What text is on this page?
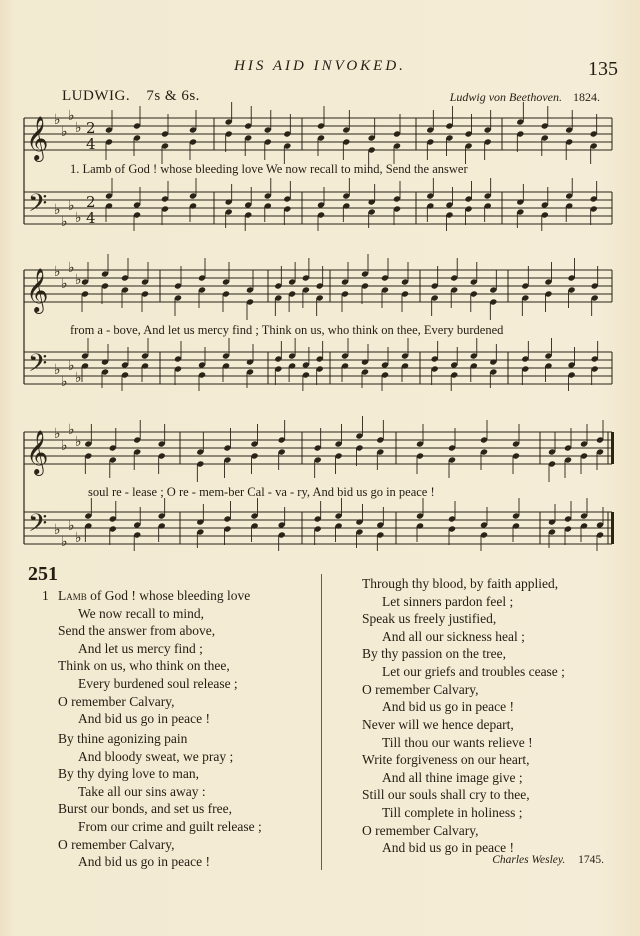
HIS AID INVOKED.	135
LUDWIG. 7s & 6s.	Ludwig von Beethoven. 1824.
𝄞 ♭
♭
♭
♭ 2
4
𝄢 ♭
♭
♭
♭
2
4
𝄞 ♭
♭
♭
♭
𝄢 ♭
♭
♭
♭
𝄞 ♭
♭
♭
♭
𝄢 ♭
♭
♭
♭
1. Lamb of God ! whose bleeding love We now recall to mind, Send the answer
from a - bove, And let us mercy find ; Think on us, who think on thee, Every burdened
soul re - lease ; O re - mem-ber Cal - va - ry, And bid us go in peace !
251
1 Lamb of God ! whose bleeding love
We now recall to mind,
Send the answer from above,
And let us mercy find ;
Think on us, who think on thee,
Every burdened soul release ;
O remember Calvary,
And bid us go in peace !
By thine agonizing pain
And bloody sweat, we pray ;
By thy dying love to man,
Take all our sins away :
Burst our bonds, and set us free,
From our crime and guilt release ;
O remember Calvary,
And bid us go in peace !
Through thy blood, by faith applied,
Let sinners pardon feel ;
Speak us freely justified,
And all our sickness heal ;
By thy passion on the tree,
Let our griefs and troubles cease ;
O remember Calvary,
And bid us go in peace !
Never will we hence depart,
Till thou our wants relieve !
Write forgiveness on our heart,
And all thine image give ;
Still our souls shall cry to thee,
Till complete in holiness ;
O remember Calvary,
And bid us go in peace !
Charles Wesley. 1745.
